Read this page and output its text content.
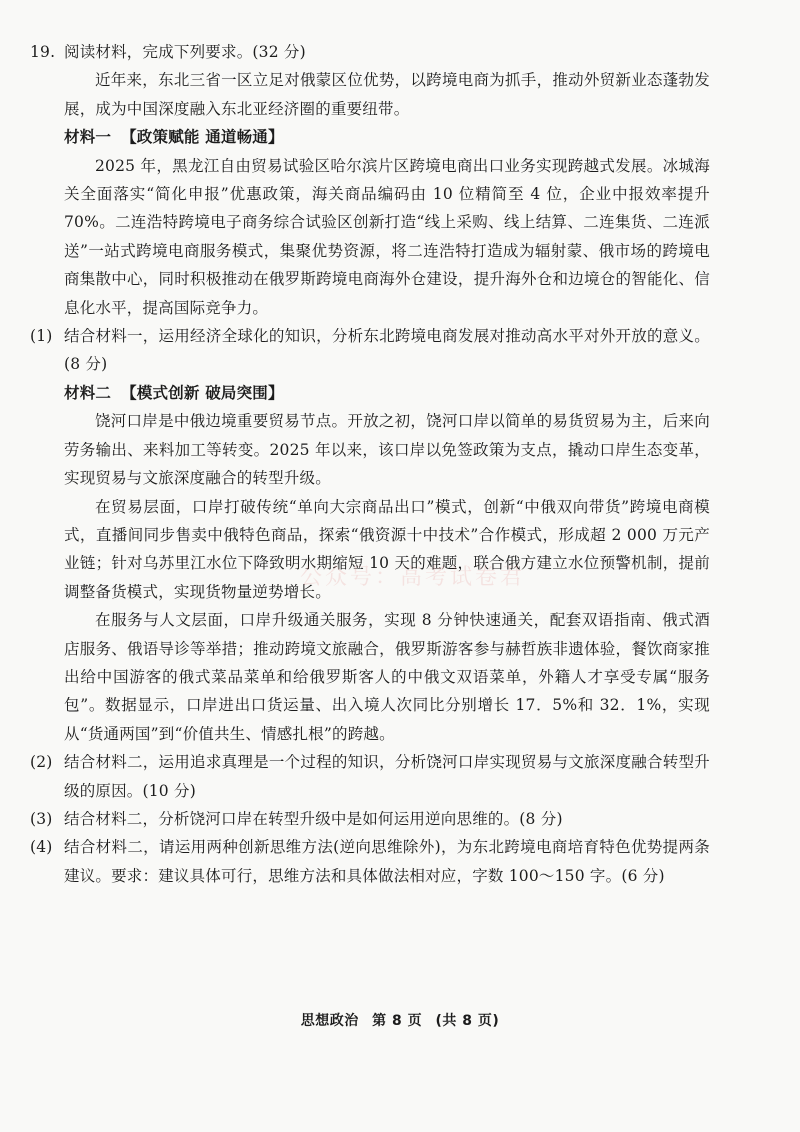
19. 阅读材料，完成下列要求。(32 分)

近年来，东北三省一区立足对俄蒙区位优势，以跨境电商为抓手，推动外贸新业态蓬勃发展，成为中国深度融入东北亚经济圈的重要纽带。

材料一 【政策赋能 通道畅通】

2025 年，黑龙江自由贸易试验区哈尔滨片区跨境电商出口业务实现跨越式发展。冰城海关全面落实“简化申报”优惠政策，海关商品编码由 10 位精简至 4 位，企业中报效率提升 70%。二连浩特跨境电子商务综合试验区创新打造“线上采购、线上结算、二连集货、二连派送”一站式跨境电商服务模式，集聚优势资源，将二连浩特打造成为辐射蒙、俄市场的跨境电商集散中心，同时积极推动在俄罗斯跨境电商海外仓建设，提升海外仓和边境仓的智能化、信息化水平，提高国际竞争力。

(1) 结合材料一，运用经济全球化的知识，分析东北跨境电商发展对推动高水平对外开放的意义。(8 分)

材料二 【模式创新 破局突围】

饶河口岸是中俄边境重要贸易节点。开放之初，饶河口岸以简单的易货贸易为主，后来向劳务输出、来料加工等转变。2025 年以来，该口岸以免签政策为支点，撬动口岸生态变革，实现贸易与文旅深度融合的转型升级。

在贸易层面，口岸打破传统“单向大宗商品出口”模式，创新“中俄双向带货”跨境电商模式，直播间同步售卖中俄特色商品，探索“俄资源十中技术”合作模式，形成超 2 000 万元产业链；针对乌苏里江水位下降致明水期缩短 10 天的难题，联合俄方建立水位预警机制，提前调整备货模式，实现货物量逆势增长。

在服务与人文层面，口岸升级通关服务，实现 8 分钟快速通关，配套双语指南、俄式酒店服务、俄语导诊等举措；推动跨境文旅融合，俄罗斯游客参与赫哲族非遗体验，餐饮商家推出给中国游客的俄式菜品菜单和给俄罗斯客人的中俄文双语菜单，外籍人才享受专属“服务包”。数据显示，口岸进出口货运量、出入境人次同比分别增长 17．5%和 32．1%，实现从“货通两国”到“价值共生、情感扎根”的跨越。

(2) 结合材料二，运用追求真理是一个过程的知识，分析饶河口岸实现贸易与文旅深度融合转型升级的原因。(10 分)

(3) 结合材料二，分析饶河口岸在转型升级中是如何运用逆向思维的。(8 分)

(4) 结合材料二，请运用两种创新思维方法(逆向思维除外)，为东北跨境电商培育特色优势提两条建议。要求：建议具体可行，思维方法和具体做法相对应，字数 100～150 字。(6 分)

公众号：高考试卷君
思想政治 第 8 页 (共 8 页)
